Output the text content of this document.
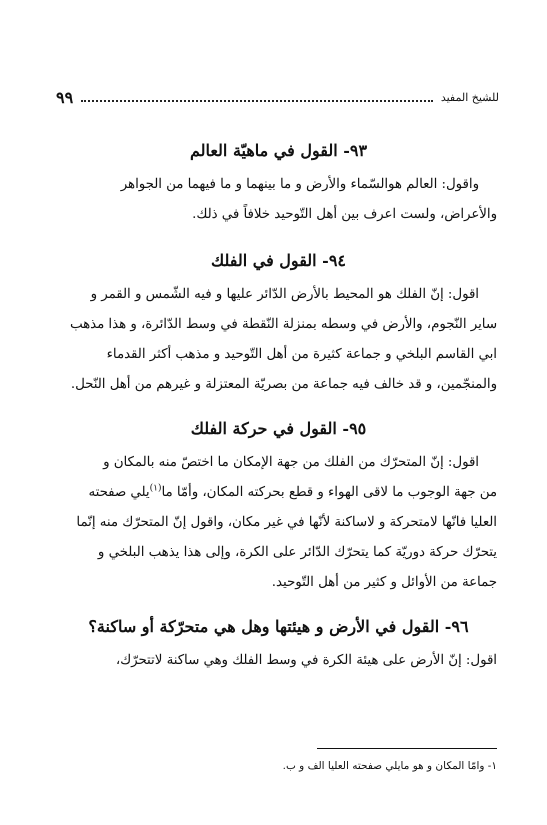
للشيخ المفيد
٩٩
٩٣- القول في ماهيّة العالم
واقول: العالم هوالسّماء والأرض و ما بينهما و ما فيهما من الجواهر
والأعراض، ولست اعرف بين أهل التّوحيد خلافاً في ذلك.
٩٤- القول في الفلك
اقول: إنّ الفلك هو المحيط بالأرض الدّائر عليها و فيه الشّمس و القمر و
ساير النّجوم، والأرض في وسطه بمنزلة النّقطة في وسط الدّائرة، و هذا مذهب
ابي القاسم البلخي و جماعة كثيرة من أهل التّوحيد و مذهب أكثر القدماء
والمنجّمين، و قد خالف فيه جماعة من بصريّة المعتزلة و غيرهم من أهل النّحل.
٩٥- القول في حركة الفلك
اقول: إنّ المتحرّك من الفلك من جهة الإمكان ما اختصّ منه بالمكان و
من جهة الوجوب ما لاقى الهواء و قطع بحركته المكان، وأمّا ما$^{(١)}$يلي صفحته
العليا فانّها لامتحركة و لاساكنة لأنّها في غير مكان، واقول إنّ المتحرّك منه إنّما
يتحرّك حركة دوريّة كما يتحرّك الدّائر على الكرة، وإلى هذا يذهب البلخي و
جماعة من الأوائل و كثير من أهل التّوحيد.
٩٦- القول في الأرض و هيئتها وهل هي متحرّكة أو ساكنة؟
اقول: إنّ الأرض على هيئة الكرة في وسط الفلك وهي ساكنة لاتتحرّك،
١- وامّا المكان و هو مايلي صفحته العليا الف و ب.
